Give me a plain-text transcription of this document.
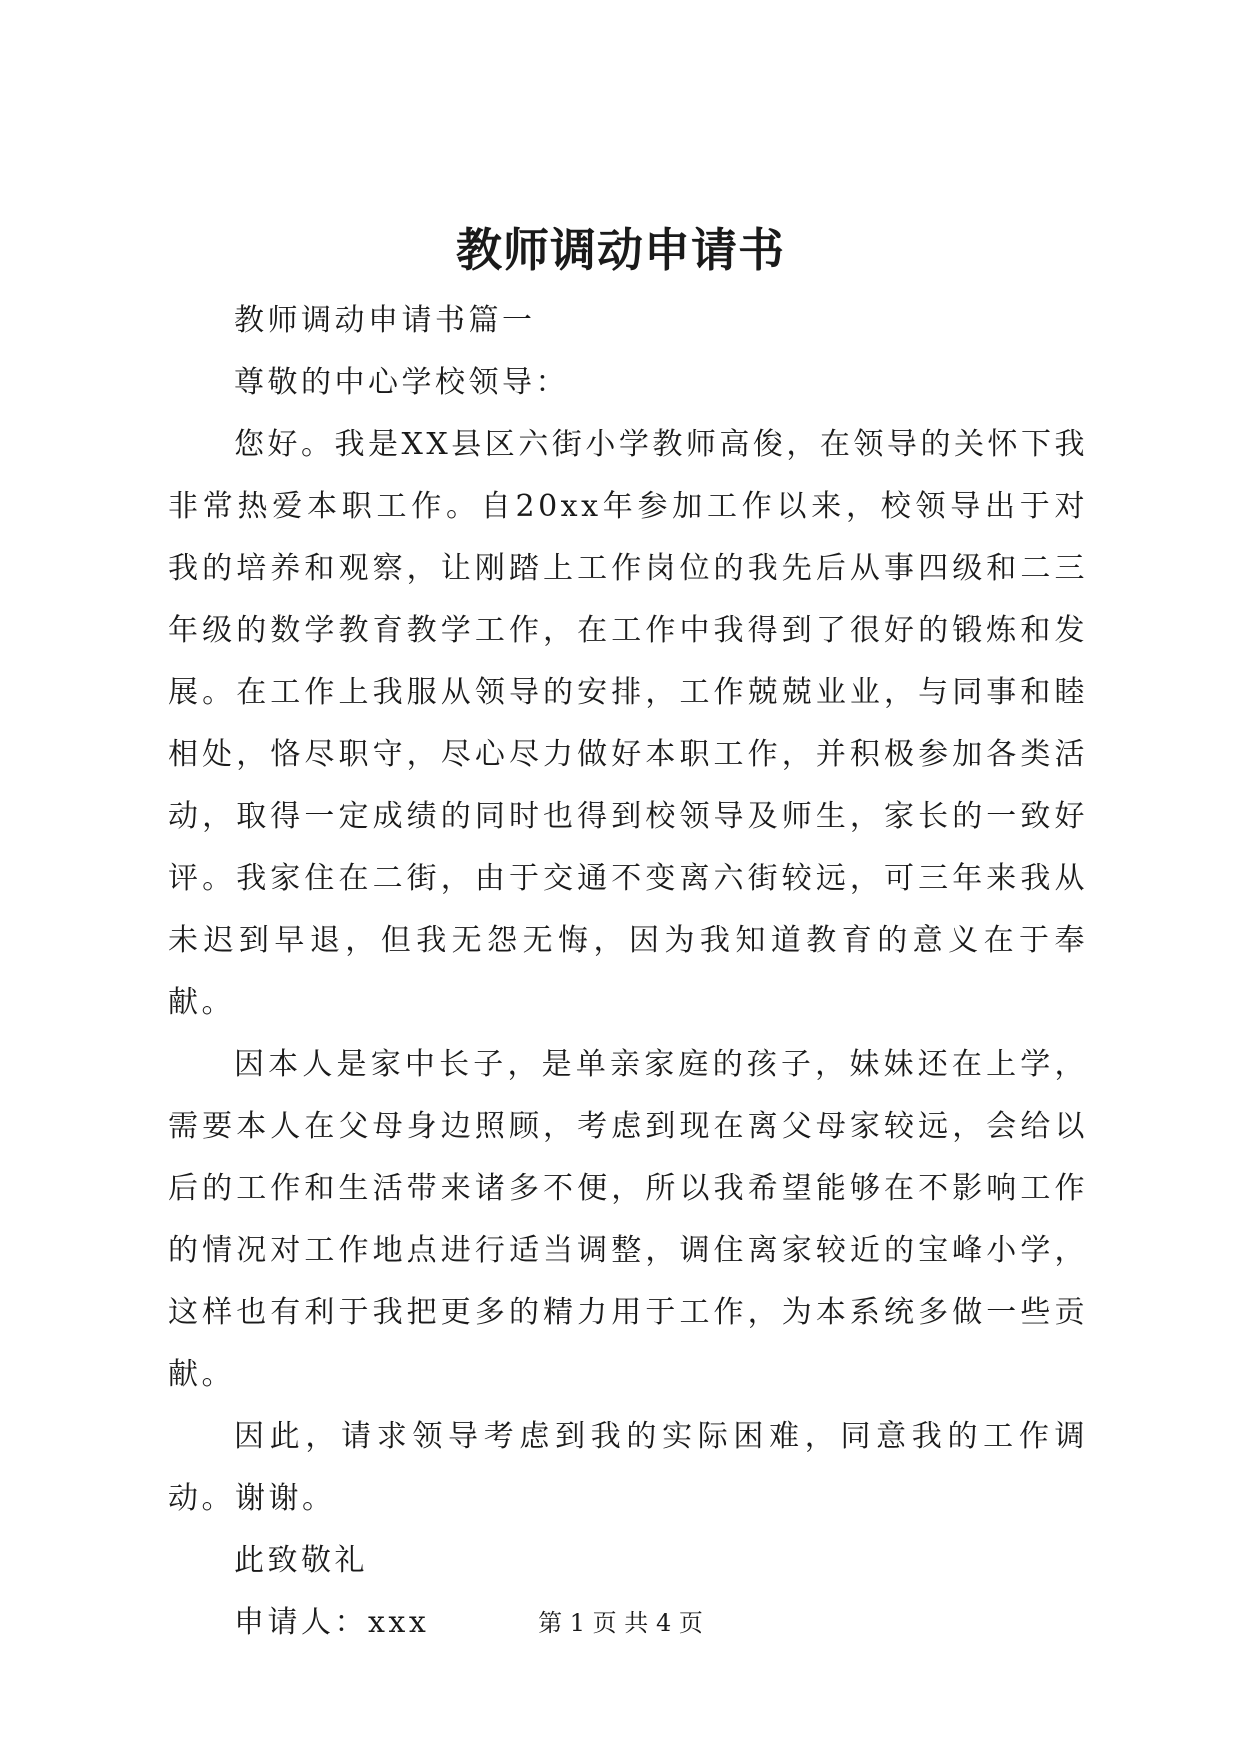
教师调动申请书

教师调动申请书篇一

尊敬的中心学校领导：

您好。我是XX县区六街小学教师高俊，在领导的关怀下我非常热爱本职工作。自20xx年参加工作以来，校领导出于对我的培养和观察，让刚踏上工作岗位的我先后从事四级和二三年级的数学教育教学工作，在工作中我得到了很好的锻炼和发展。在工作上我服从领导的安排，工作兢兢业业，与同事和睦相处，恪尽职守，尽心尽力做好本职工作，并积极参加各类活动，取得一定成绩的同时也得到校领导及师生，家长的一致好评。我家住在二街，由于交通不变离六街较远，可三年来我从未迟到早退，但我无怨无悔，因为我知道教育的意义在于奉献。

因本人是家中长子，是单亲家庭的孩子，妹妹还在上学，需要本人在父母身边照顾，考虑到现在离父母家较远，会给以后的工作和生活带来诸多不便，所以我希望能够在不影响工作的情况对工作地点进行适当调整，调住离家较近的宝峰小学，这样也有利于我把更多的精力用于工作，为本系统多做一些贡献。

因此，请求领导考虑到我的实际困难，同意我的工作调动。谢谢。

此致敬礼

申请人：xxx	第 1 页 共 4 页
